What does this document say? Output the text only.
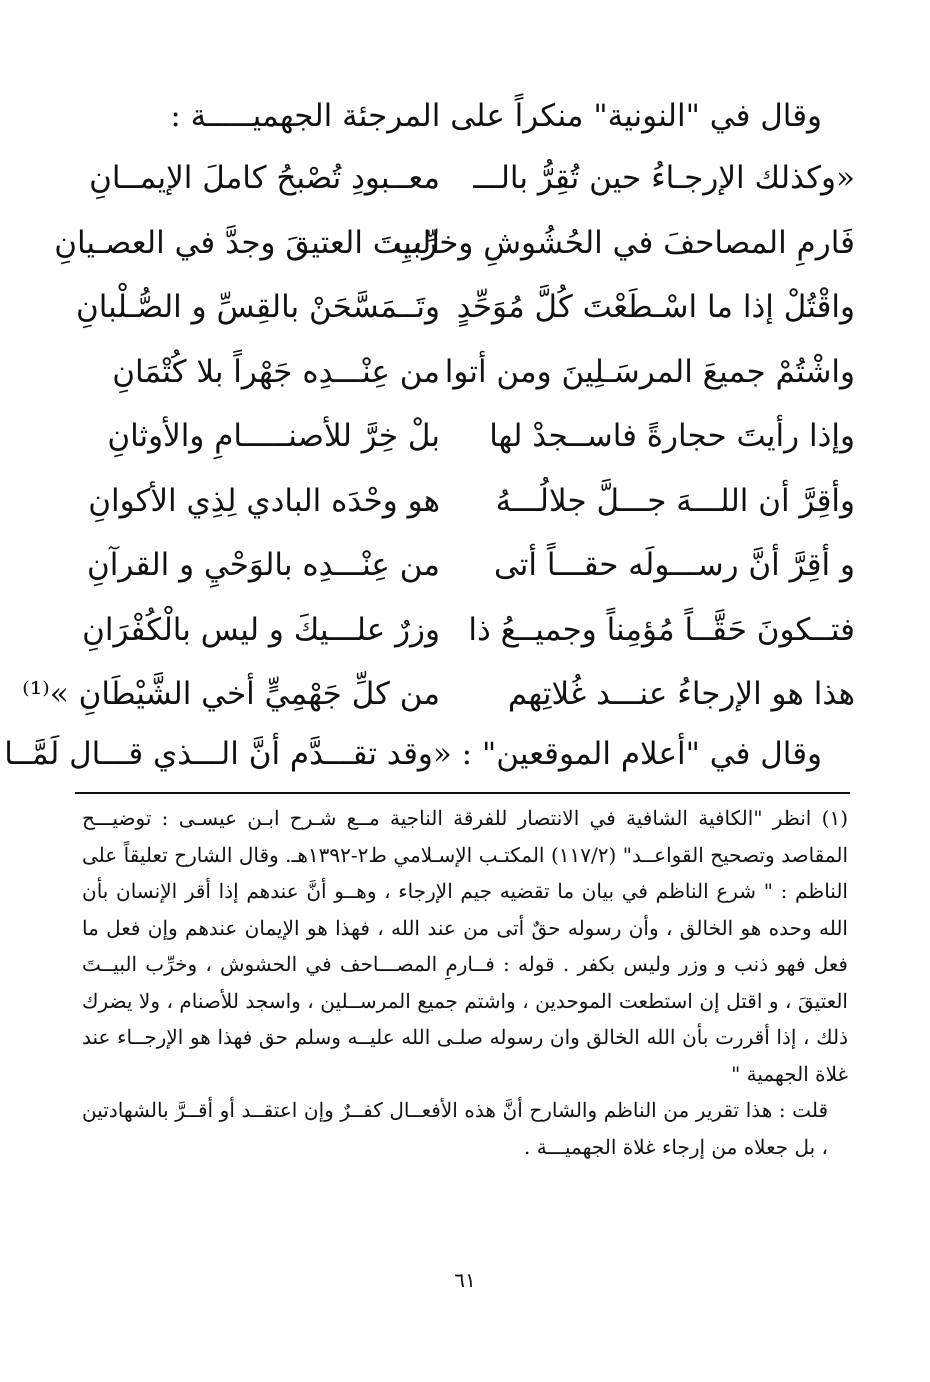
وقال في "النونية" منكراً على المرجئة الجهميـــــة :
«وكذلك الإرجـاءُ حين تُقِرُّ بالـــ
معــبودِ تُصْبحُ كاملَ الإيمــانِ
فَارمِ المصاحفَ في الحُشُوشِ وخرِّبِ
البيتَ العتيقَ وجدَّ في العصـيانِ
واقْتُلْ إذا ما اسْـطَعْتَ كُلَّ مُوَحِّدٍ
وتَــمَسَّحَنْ بالقِسِّ و الصُّـلْبانِ
واشْتُمْ جميعَ المرسَـلِينَ ومن أتوا
من عِنْـــدِه جَهْراً بلا كُتْمَانِ
وإذا رأيتَ حجارةً فاســجدْ لها
بلْ خِرَّ للأصنـــــامِ والأوثانِ
وأقِرَّ أن اللـــهَ جـــلَّ جلالُـــهُ
هو وحْدَه البادي لِذِي الأكوانِ
و أقِرَّ أنَّ رســـولَه حقـــاً أتى
من عِنْـــدِه بالوَحْيِ و القرآنِ
فتــكونَ حَقَّــاً مُؤمِناً وجميــعُ ذا
وزرٌ علـــيكَ و ليس بالْكُفْرَانِ
هذا هو الإرجاءُ عنـــد غُلاتِهم
من كلِّ جَهْمِيٍّ أخي الشَّيْطَانِ »⁽¹⁾
وقال في "أعلام الموقعين" : «وقد تقـــدَّم أنَّ الـــذي قـــال لَمَّــا

(١) انظر "الكافية الشافية في الانتصار للفرقة الناجية مــع شـرح ابـن عيسـى : توضيـــح المقاصد وتصحيح القواعــد" (١١٧/٢) المكتـب الإسـلامي ط٢-١٣٩٢هـ. وقال الشارح تعليقاً على الناظم : " شرع الناظم في بيان ما تقضيه جيم الإرجاء ، وهــو أنَّ عندهم إذا أقر الإنسان بأن الله وحده هو الخالق ، وأن رسوله حقٌ أتى من عند الله ، فهذا هو الإيمان عندهم وإن فعل ما فعل فهو ذنب و وزر وليس بكفر . قوله : فــارمِ المصـــاحف في الحشوش ، وخرِّب البيــتَ العتيقَ ، و اقتل إن استطعت الموحدين ، واشتم جميع المرســلين ، واسجد للأصنام ، ولا يضرك ذلك ، إذا أقررت بأن الله الخالق وان رسوله صلـى الله عليــه وسلم حق فهذا هو الإرجــاء عند غلاة الجهمية "

قلت : هذا تقرير من الناظم والشارح أنَّ هذه الأفعــال كفــرٌ وإن اعتقــد أو أقــرَّ بالشهادتين ، بل جعلاه من إرجاء غلاة الجهميـــة .

٦١
